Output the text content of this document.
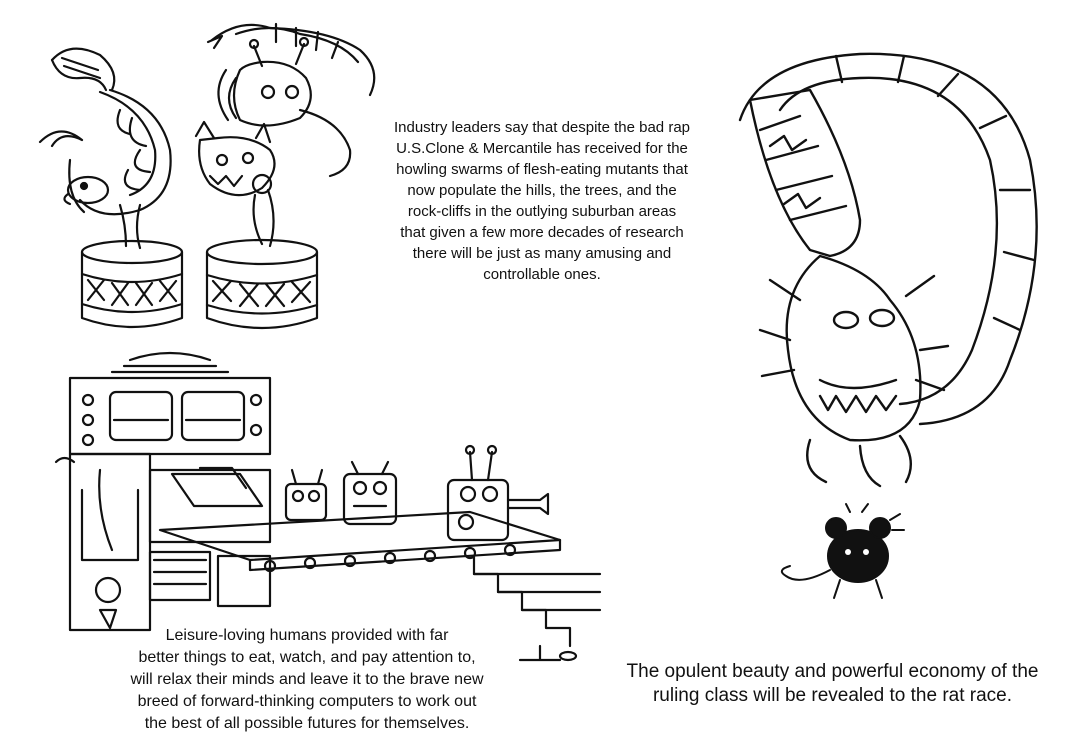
Industry leaders say that despite the bad rap
U.S.Clone & Mercantile has received for the
howling swarms of flesh-eating mutants that
now populate the hills, the trees, and the
rock-cliffs in the outlying suburban areas
that given a few more decades of research
there will be just as many amusing and
controllable ones.

Leisure-loving humans provided with far
better things to eat, watch, and pay attention to,
will relax their minds and leave it to the brave new
breed of forward-thinking computers to work out
the best of all possible futures for themselves.

The opulent beauty and powerful economy of the
ruling class will be revealed to the rat race.
